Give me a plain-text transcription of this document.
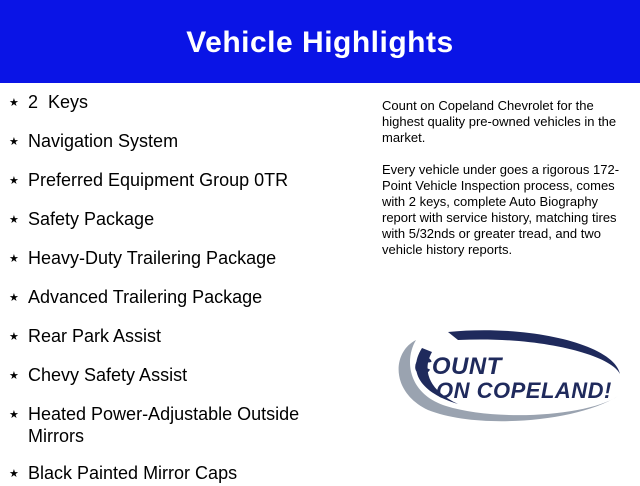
Vehicle Highlights
★ 2  Keys
★ Navigation System
★ Preferred Equipment Group 0TR
★ Safety Package
★ Heavy-Duty Trailering Package
★ Advanced Trailering Package
★ Rear Park Assist
★ Chevy Safety Assist
★ Heated Power-Adjustable Outside Mirrors
★ Black Painted Mirror Caps

Count on Copeland Chevrolet for the highest quality pre-owned vehicles in the market.

Every vehicle under goes a rigorous 172-Point Vehicle Inspection process, comes with 2 keys, complete Auto Biography report with service history, matching tires with 5/32nds or greater tread, and two vehicle history reports.

COUNT
ON COPELAND!
